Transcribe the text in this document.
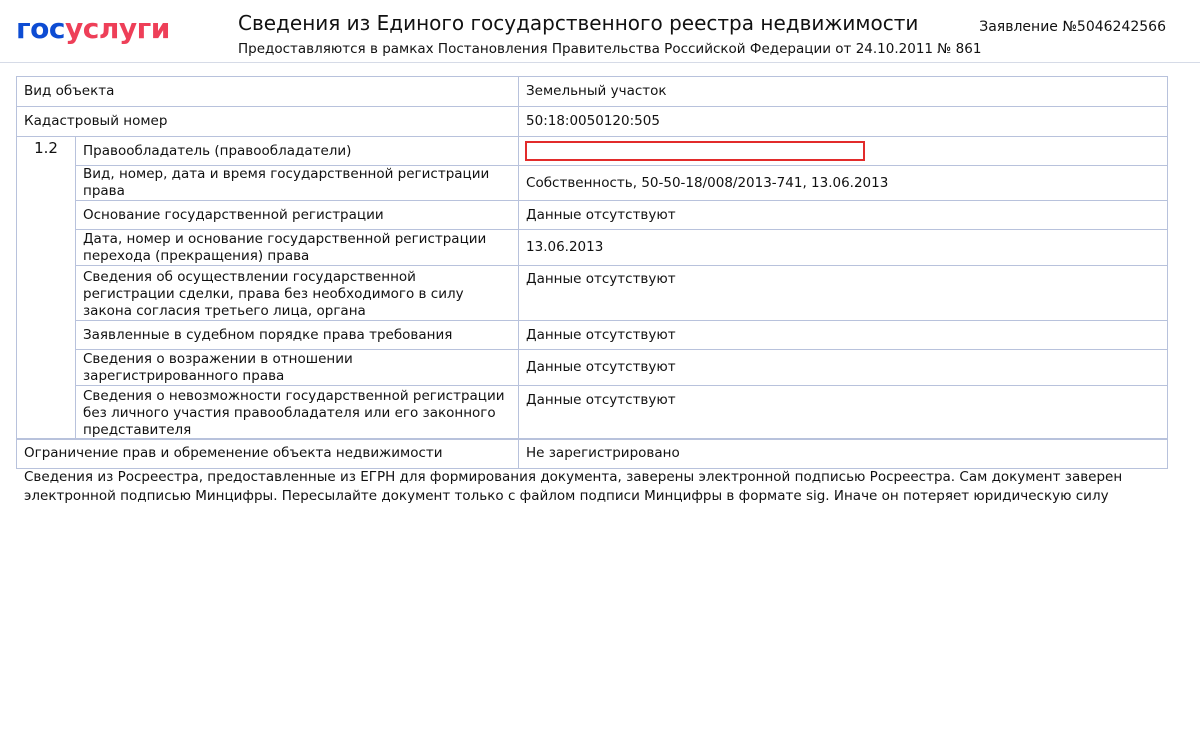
госуслуги	Сведения из Единого государственного реестра недвижимости
Предоставляются в рамках Постановления Правительства Российской Федерации от 24.10.2011 № 861
Заявление №5046242566
Вид объекта		Земельный участок
Кадастровый номер		50:18:0050120:505
1.2	Правообладатель (правообладатели)	

	Вид, номер, дата и время государственной регистрации права	Собственность, 50-50-18/008/2013-741, 13.06.2013
	Основание государственной регистрации	Данные отсутствуют
	Дата, номер и основание государственной регистрации перехода (прекращения) права	13.06.2013
	Сведения об осуществлении государственной регистрации сделки, права без необходимого в силу закона согласия третьего лица, органа	Данные отсутствуют
	Заявленные в судебном порядке права требования	Данные отсутствуют
	Сведения о возражении в отношении зарегистрированного права	Данные отсутствуют
	Сведения о невозможности государственной регистрации без личного участия правообладателя или его законного представителя	Данные отсутствуют
Ограничение прав и обременение объекта недвижимости	Не зарегистрировано
Сведения из Росреестра, предоставленные из ЕГРН для формирования документа, заверены электронной подписью Росреестра. Сам документ заверен электронной подписью Минцифры. Пересылайте документ только с файлом подписи Минцифры в формате sig. Иначе он потеряет юридическую силу
